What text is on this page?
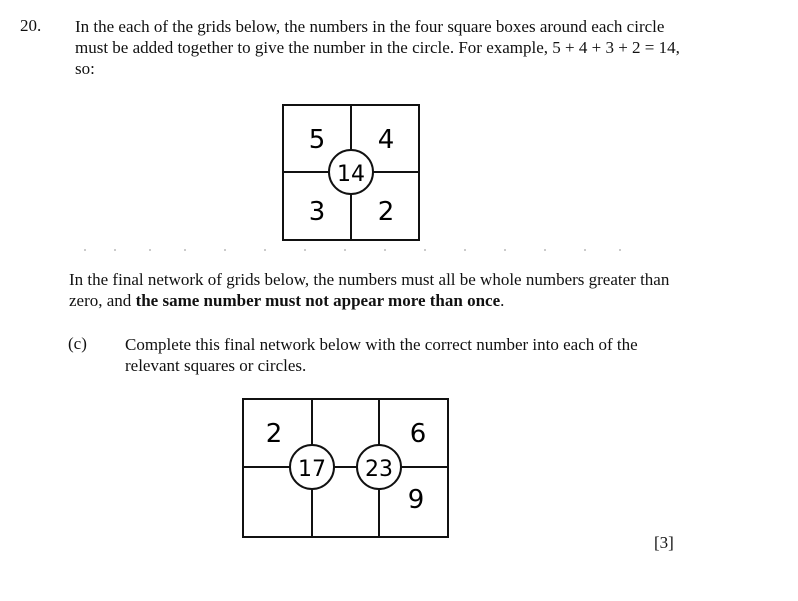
20. In the each of the grids below, the numbers in the four square boxes around each circle must be added together to give the number in the circle. For example, 5 + 4 + 3 + 2 = 14, so:

5 4
3 2
14

In the final network of grids below, the numbers must all be whole numbers greater than zero, and the same number must not appear more than once.

(c) Complete this final network below with the correct number into each of the relevant squares or circles.

2	6
9
17 23
[3]
